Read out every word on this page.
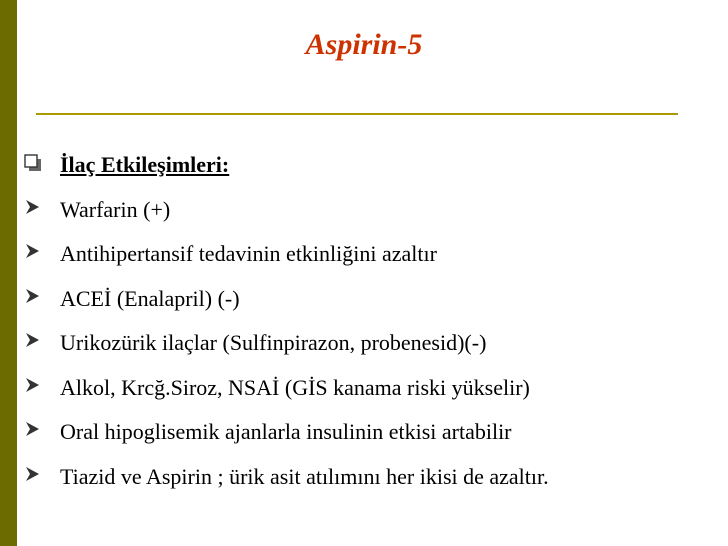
Aspirin-5
İlaç Etkileşimleri:
Warfarin (+)
Antihipertansif tedavinin etkinliğini azaltır
ACEİ (Enalapril) (-)
Urikozürik ilaçlar (Sulfinpirazon, probenesid)(-)
Alkol, Krcğ.Siroz, NSAİ (GİS kanama riski yükselir)
Oral hipoglisemik ajanlarla insulinin etkisi artabilir
Tiazid ve Aspirin ; ürik asit atılımını her ikisi de azaltır.
